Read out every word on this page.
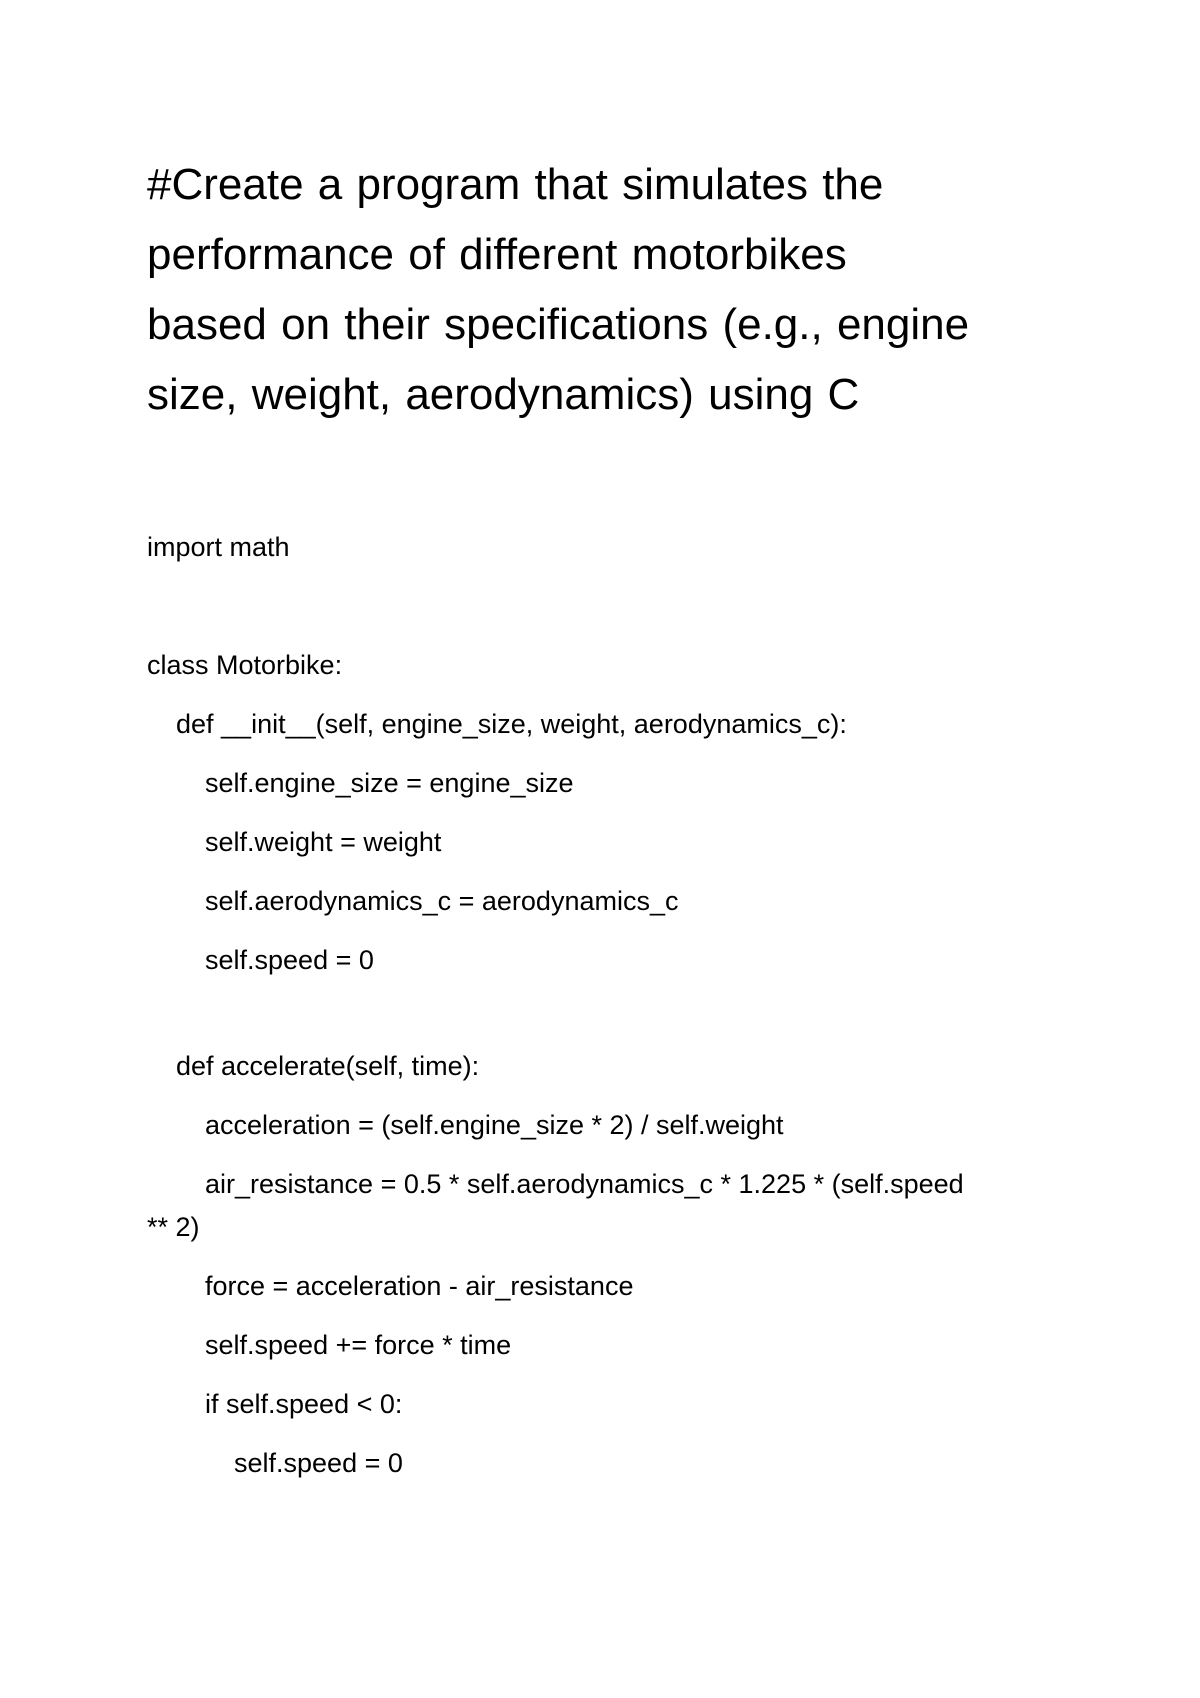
#Create a program that simulates the
performance of different motorbikes
based on their specifications (e.g., engine
size, weight, aerodynamics) using C
import math
class Motorbike:
def __init__(self, engine_size, weight, aerodynamics_c):
self.engine_size = engine_size
self.weight = weight
self.aerodynamics_c = aerodynamics_c
self.speed = 0
def accelerate(self, time):
acceleration = (self.engine_size * 2) / self.weight
air_resistance = 0.5 * self.aerodynamics_c * 1.225 * (self.speed
** 2)
force = acceleration - air_resistance
self.speed += force * time
if self.speed < 0:
self.speed = 0
